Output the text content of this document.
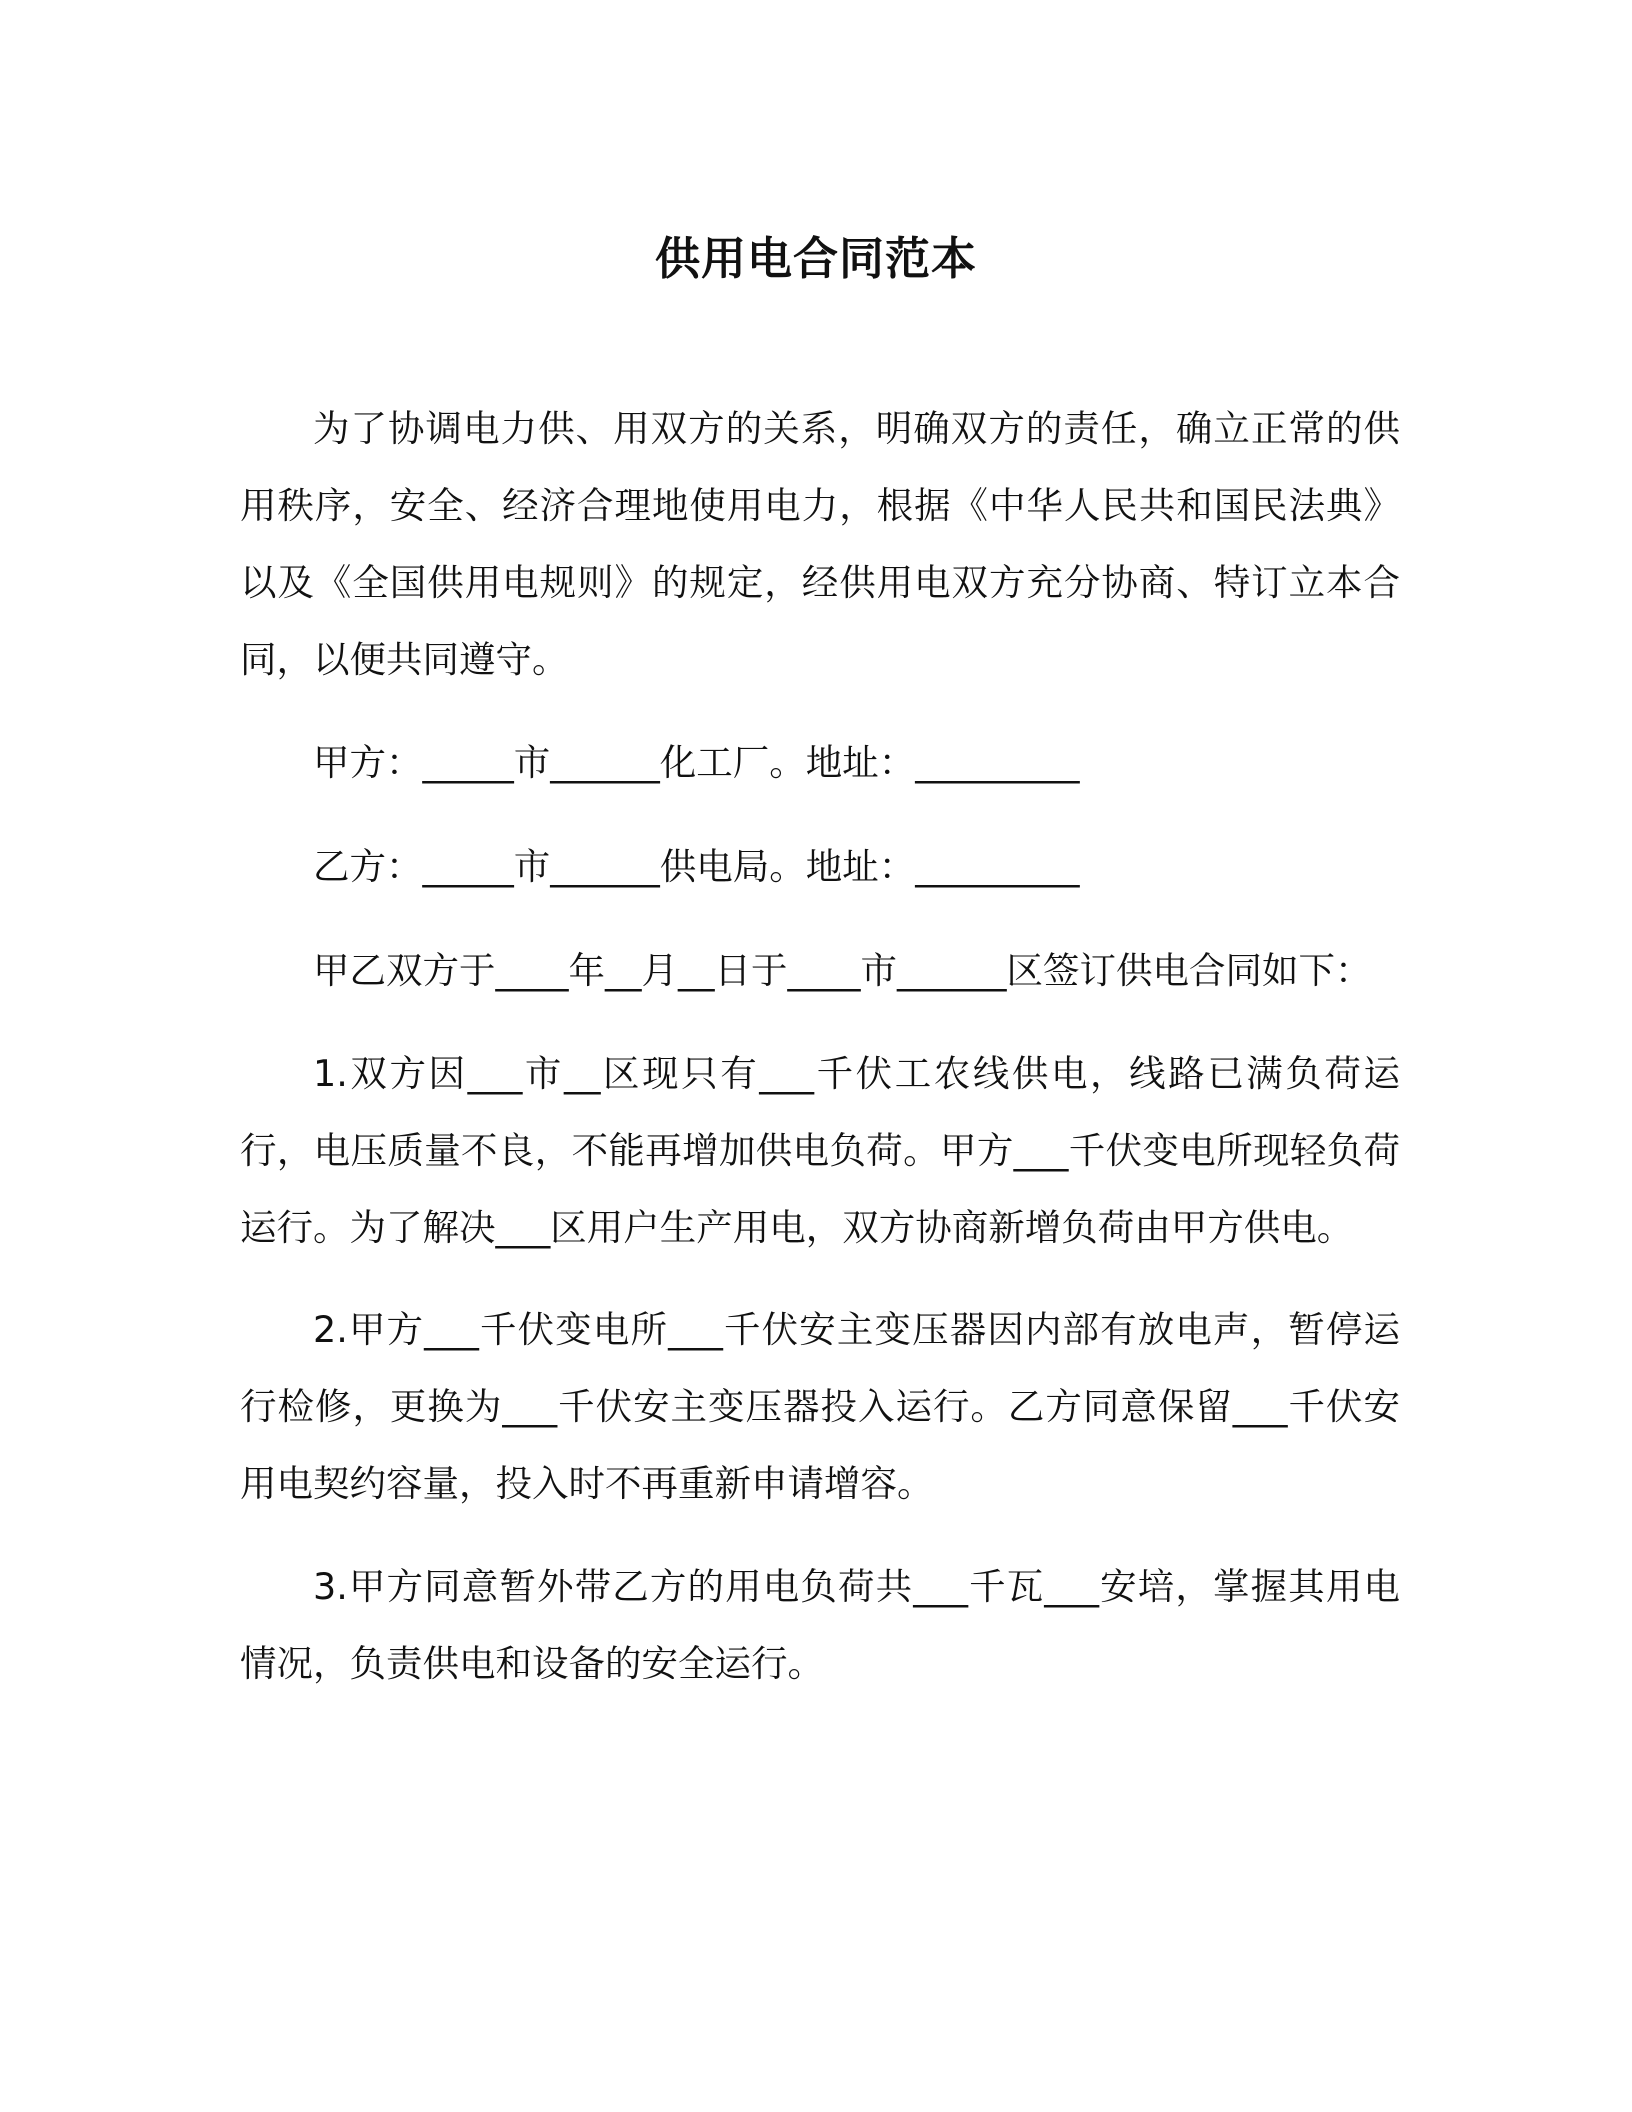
供用电合同范本

为了协调电力供、用双方的关系，明确双方的责任，确立正常的供用秩序，安全、经济合理地使用电力，根据《中华人民共和国民法典》以及《全国供用电规则》的规定，经供用电双方充分协商、特订立本合同，以便共同遵守。

甲方：_____市______化工厂。地址：_________

乙方：_____市______供电局。地址：_________

甲乙双方于____年__月__日于____市______区签订供电合同如下：

1.双方因___市__区现只有___千伏工农线供电，线路已满负荷运行，电压质量不良，不能再增加供电负荷。甲方___千伏变电所现轻负荷运行。为了解决___区用户生产用电，双方协商新增负荷由甲方供电。

2.甲方___千伏变电所___千伏安主变压器因内部有放电声，暂停运行检修，更换为___千伏安主变压器投入运行。乙方同意保留___千伏安用电契约容量，投入时不再重新申请增容。

3.甲方同意暂外带乙方的用电负荷共___千瓦___安培，掌握其用电情况，负责供电和设备的安全运行。
